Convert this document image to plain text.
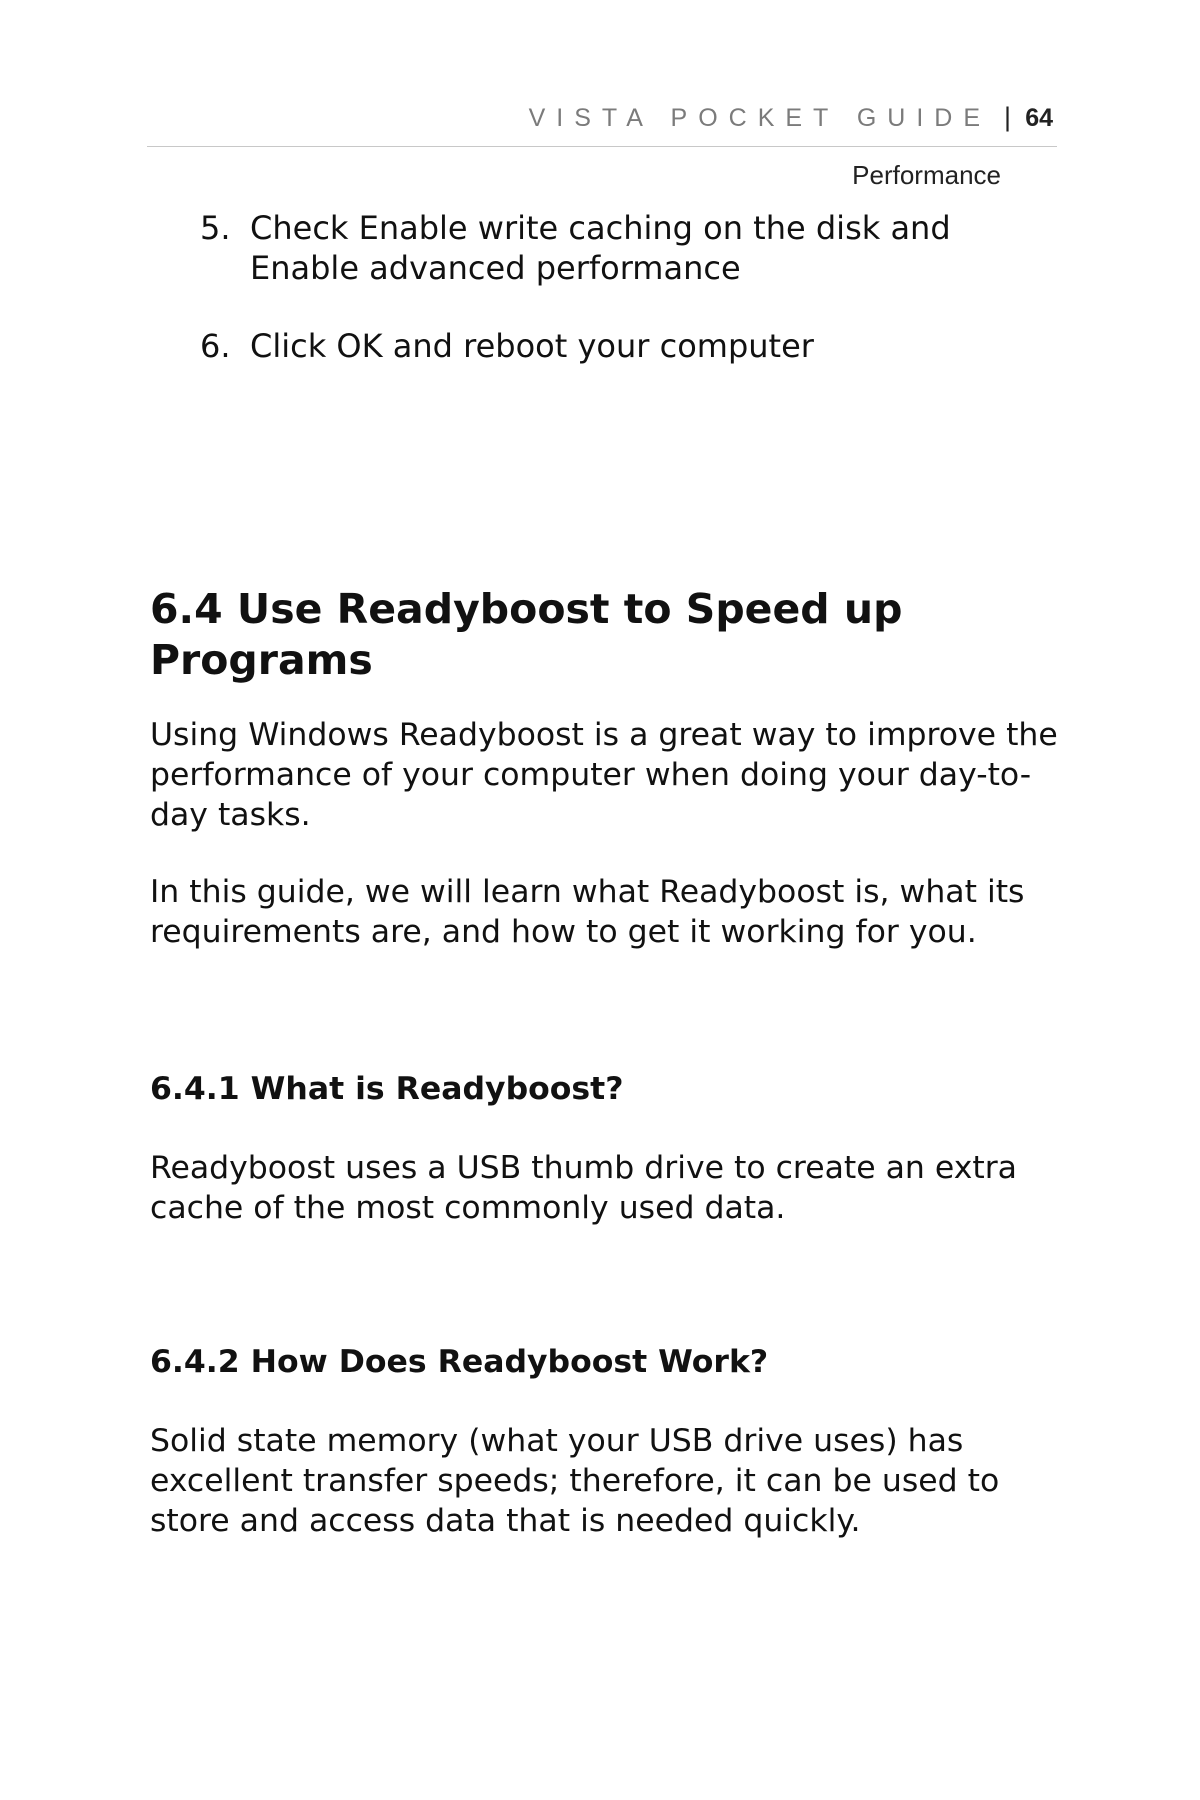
VISTA POCKET GUIDE | 64
Performance
5. Check Enable write caching on the disk and Enable advanced performance
6. Click OK and reboot your computer
6.4 Use Readyboost to Speed up Programs

Using Windows Readyboost is a great way to improve the performance of your computer when doing your day-to-day tasks.

In this guide, we will learn what Readyboost is, what its requirements are, and how to get it working for you.

6.4.1 What is Readyboost?

Readyboost uses a USB thumb drive to create an extra cache of the most commonly used data.

6.4.2 How Does Readyboost Work?

Solid state memory (what your USB drive uses) has excellent transfer speeds; therefore, it can be used to store and access data that is needed quickly.
